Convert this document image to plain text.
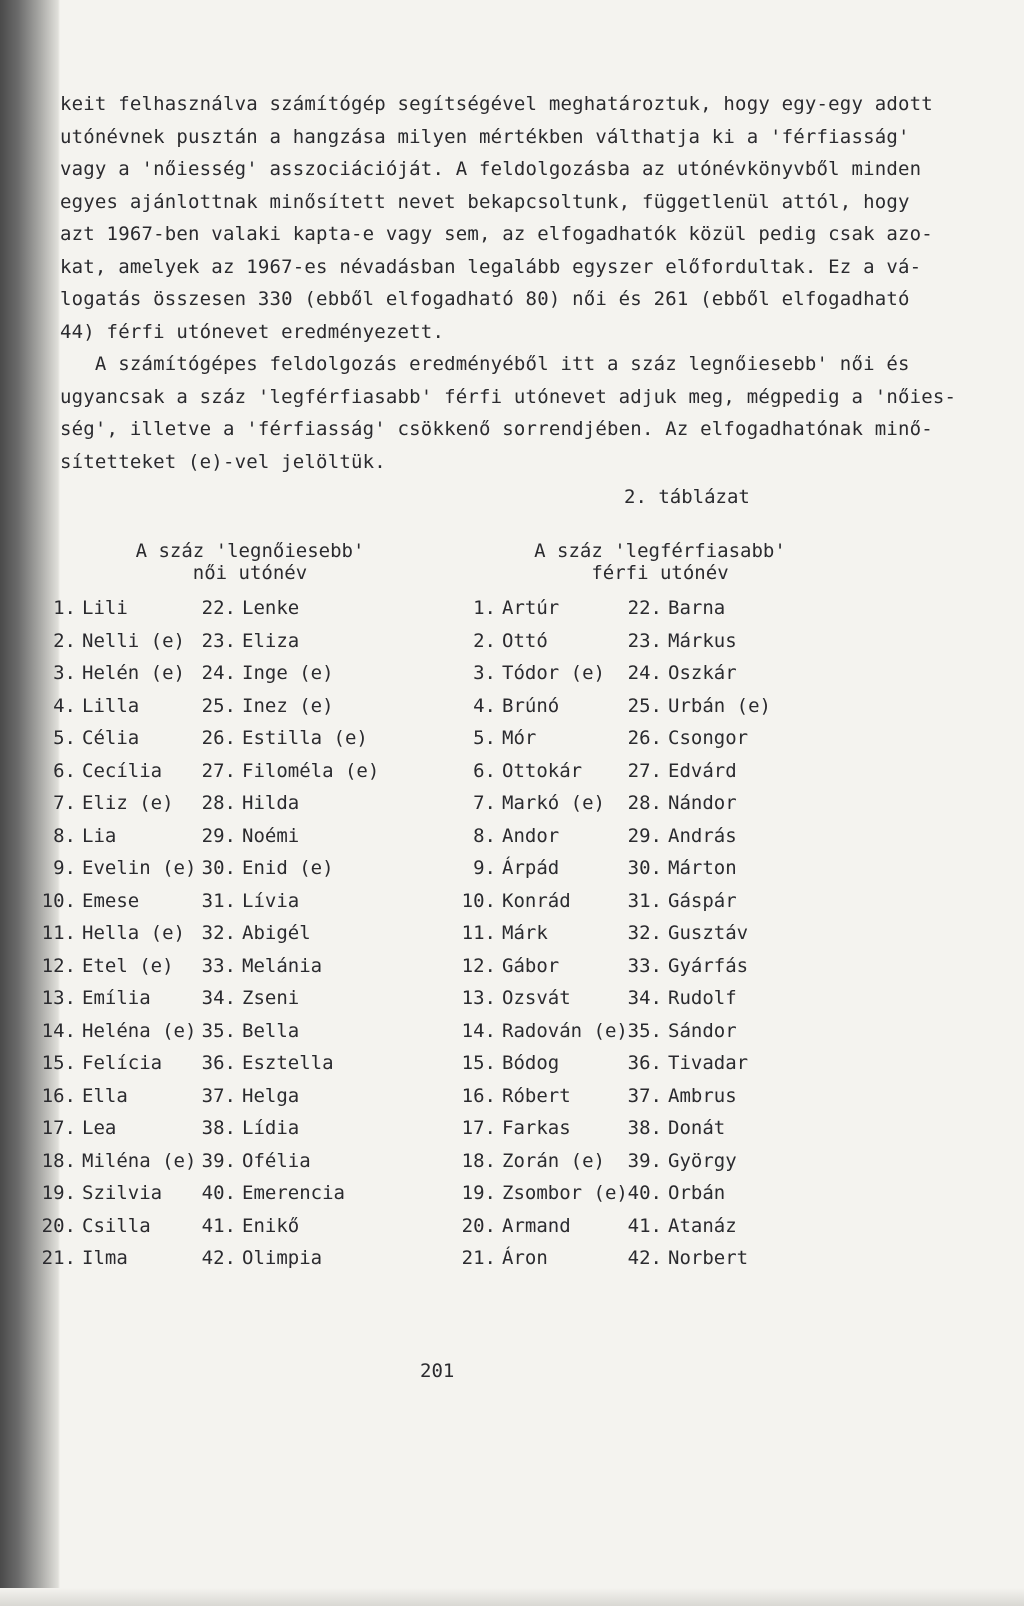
keit felhasználva számítógép segítségével meghatároztuk, hogy egy-egy adott
utónévnek pusztán a hangzása milyen mértékben válthatja ki a 'férfiasság'
vagy a 'nőiesség' asszociációját. A feldolgozásba az utónévkönyvből minden
egyes ajánlottnak minősített nevet bekapcsoltunk, függetlenül attól, hogy
azt 1967-ben valaki kapta-e vagy sem, az elfogadhatók közül pedig csak azo-
kat, amelyek az 1967-es névadásban legalább egyszer előfordultak. Ez a vá-
logatás összesen 330 (ebből elfogadható 80) női és 261 (ebből elfogadható
44) férfi utónevet eredményezett.
A számítógépes feldolgozás eredményéből itt a száz legnőiesebb' női és
ugyancsak a száz 'legférfiasabb' férfi utónevet adjuk meg, mégpedig a 'nőies-
ség', illetve a 'férfiasság' csökkenő sorrendjében. Az elfogadhatónak minő-
sítetteket (e)-vel jelöltük.
2. táblázat
A száz 'legnőiesebb'
női utónév
A száz 'legférfiasabb'
férfi utónév
1. Lili
2. Nelli (e)
3. Helén (e)
4. Lilla
5. Célia
6. Cecília
7. Eliz (e)
8. Lia
9. Evelin (e)
10. Emese
11. Hella (e)
12. Etel (e)
13. Emília
14. Heléna (e)
15. Felícia
16. Ella
17. Lea
18. Miléna (e)
19. Szilvia
20. Csilla
21. Ilma
22. Lenke
23. Eliza
24. Inge (e)
25. Inez (e)
26. Estilla (e)
27. Filoméla (e)
28. Hilda
29. Noémi
30. Enid (e)
31. Lívia
32. Abigél
33. Melánia
34. Zseni
35. Bella
36. Esztella
37. Helga
38. Lídia
39. Ofélia
40. Emerencia
41. Enikő
42. Olimpia
1. Artúr
2. Ottó
3. Tódor (e)
4. Brúnó
5. Mór
6. Ottokár
7. Markó (e)
8. Andor
9. Árpád
10. Konrád
11. Márk
12. Gábor
13. Ozsvát
14. Radován (e)
15. Bódog
16. Róbert
17. Farkas
18. Zorán (e)
19. Zsombor (e)
20. Armand
21. Áron
22. Barna
23. Márkus
24. Oszkár
25. Urbán (e)
26. Csongor
27. Edvárd
28. Nándor
29. András
30. Márton
31. Gáspár
32. Gusztáv
33. Gyárfás
34. Rudolf
35. Sándor
36. Tivadar
37. Ambrus
38. Donát
39. György
40. Orbán
41. Atanáz
42. Norbert
201
